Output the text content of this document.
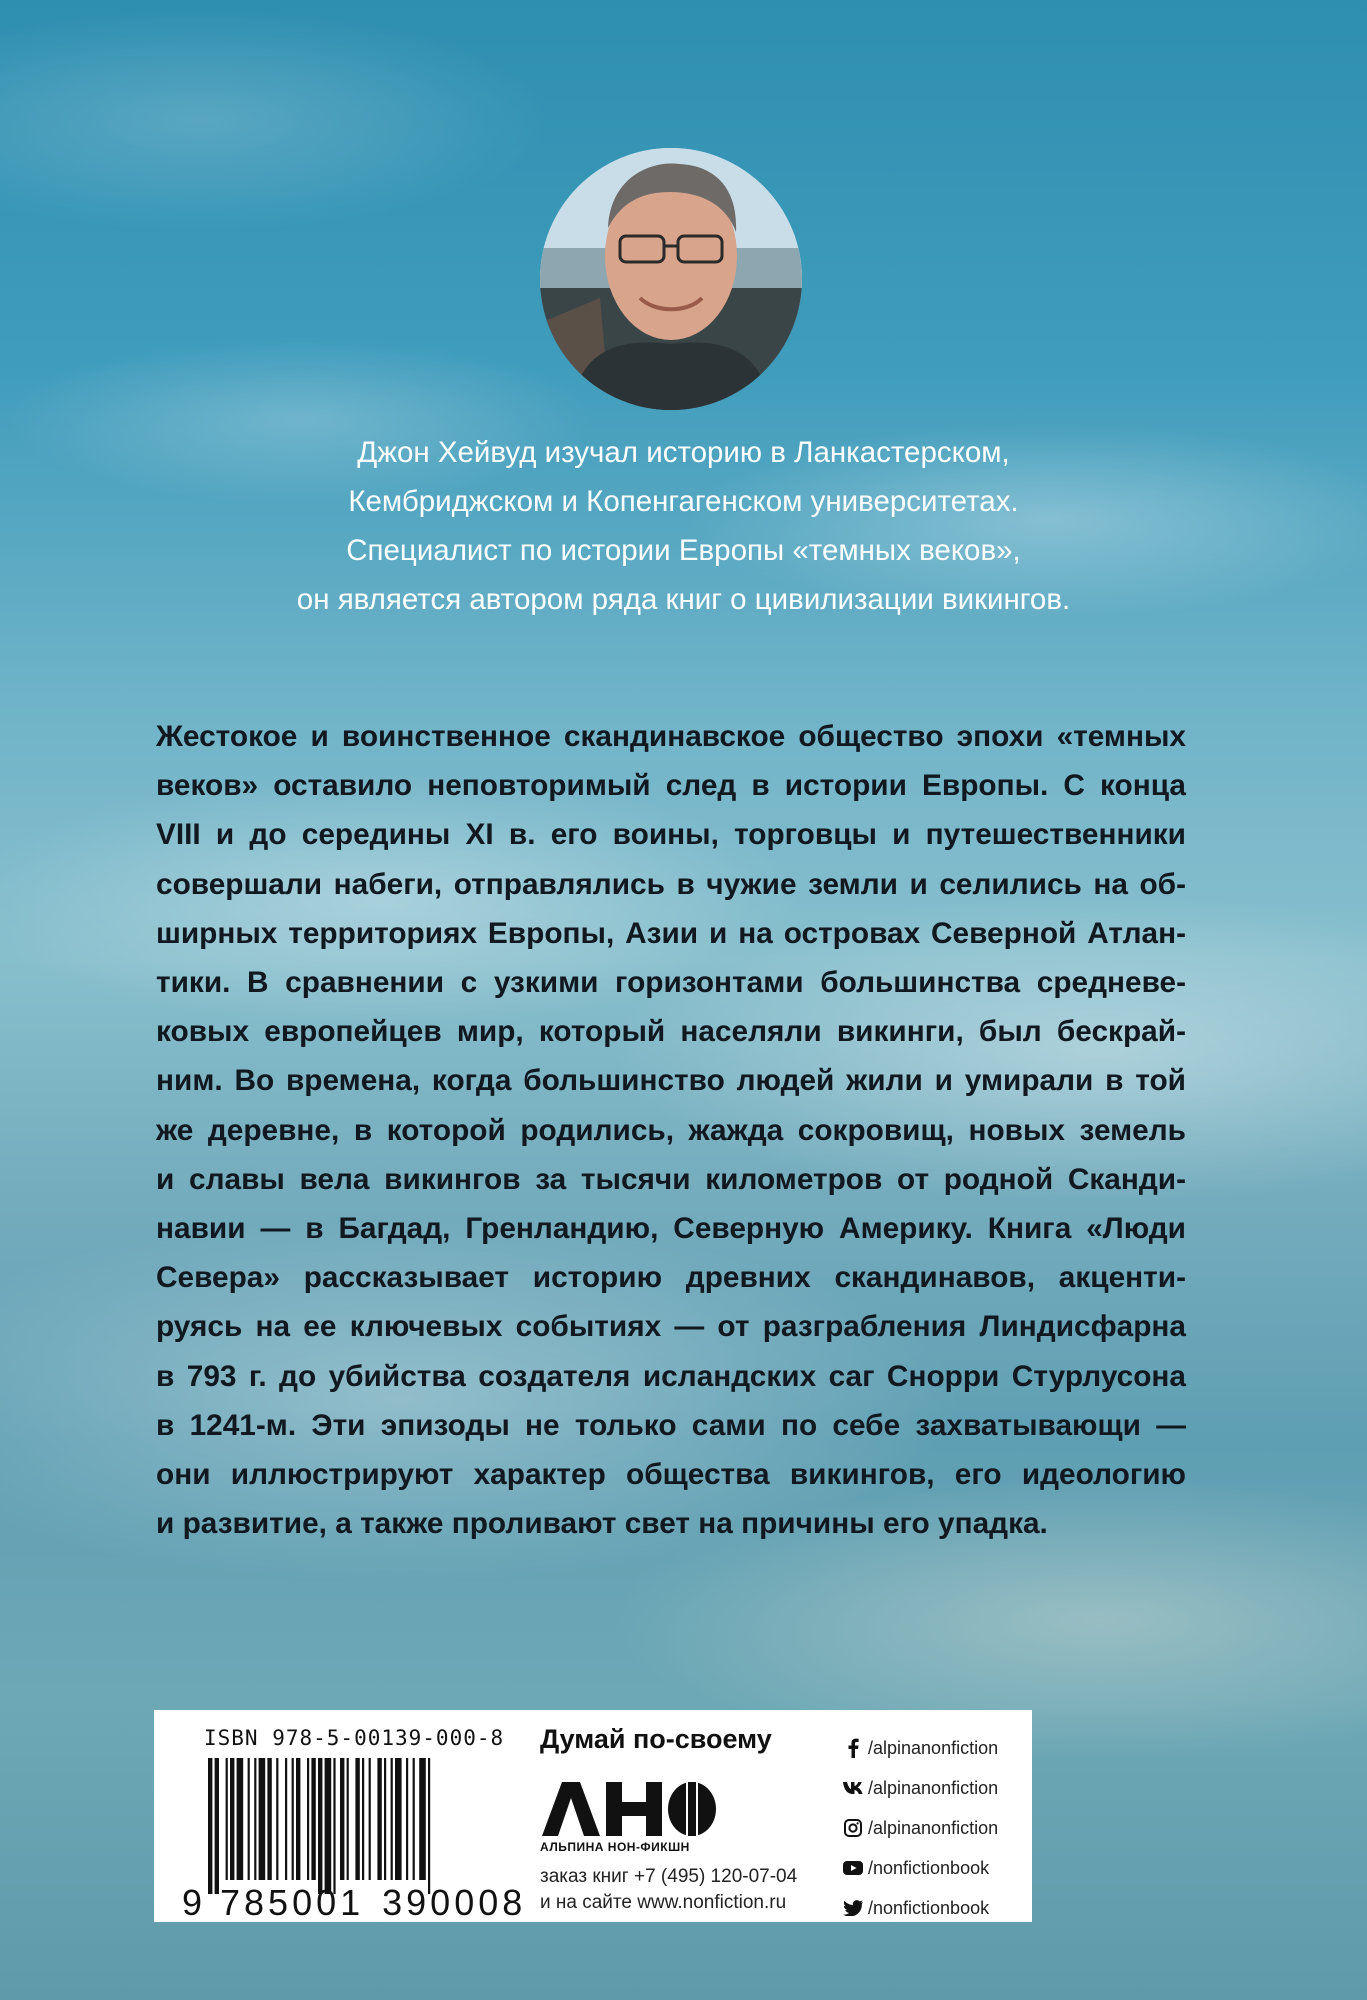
Джон Хейвуд изучал историю в Ланкастерском,

Кембриджском и Копенгагенском университетах.

Специалист по истории Европы «темных веков»,

он является автором ряда книг о цивилизации викингов.

Жестокое и воинственное скандинавское общество эпохи «темных

веков» оставило неповторимый след в истории Европы. С конца

VIII и до середины XI в. его воины, торговцы и путешественники

совершали набеги, отправлялись в чужие земли и селились на об-

ширных территориях Европы, Азии и на островах Северной Атлан-

тики. В сравнении с узкими горизонтами большинства средневе-

ковых европейцев мир, который населяли викинги, был бескрай-

ним. Во времена, когда большинство людей жили и умирали в той

же деревне, в которой родились, жажда сокровищ, новых земель

и славы вела викингов за тысячи километров от родной Сканди-

навии — в Багдад, Гренландию, Северную Америку. Книга «Люди

Севера» рассказывает историю древних скандинавов, акценти-

руясь на ее ключевых событиях — от разграбления Линдисфарна

в 793 г. до убийства создателя исландских саг Снорри Стурлусона

в 1241-м. Эти эпизоды не только сами по себе захватывающи —

они иллюстрируют характер общества викингов, его идеологию

и развитие, а также проливают свет на причины его упадка.

ISBN 978-5-00139-000-8
9 785001 390008
Думай по-своему
АЛЬПИНА НОН-ФИКШН
заказ книг +7 (495) 120-07-04
и на сайте www.nonfiction.ru
/alpinanonfiction
/alpinanonfiction
/alpinanonfiction
/nonfictionbook
/nonfictionbook
